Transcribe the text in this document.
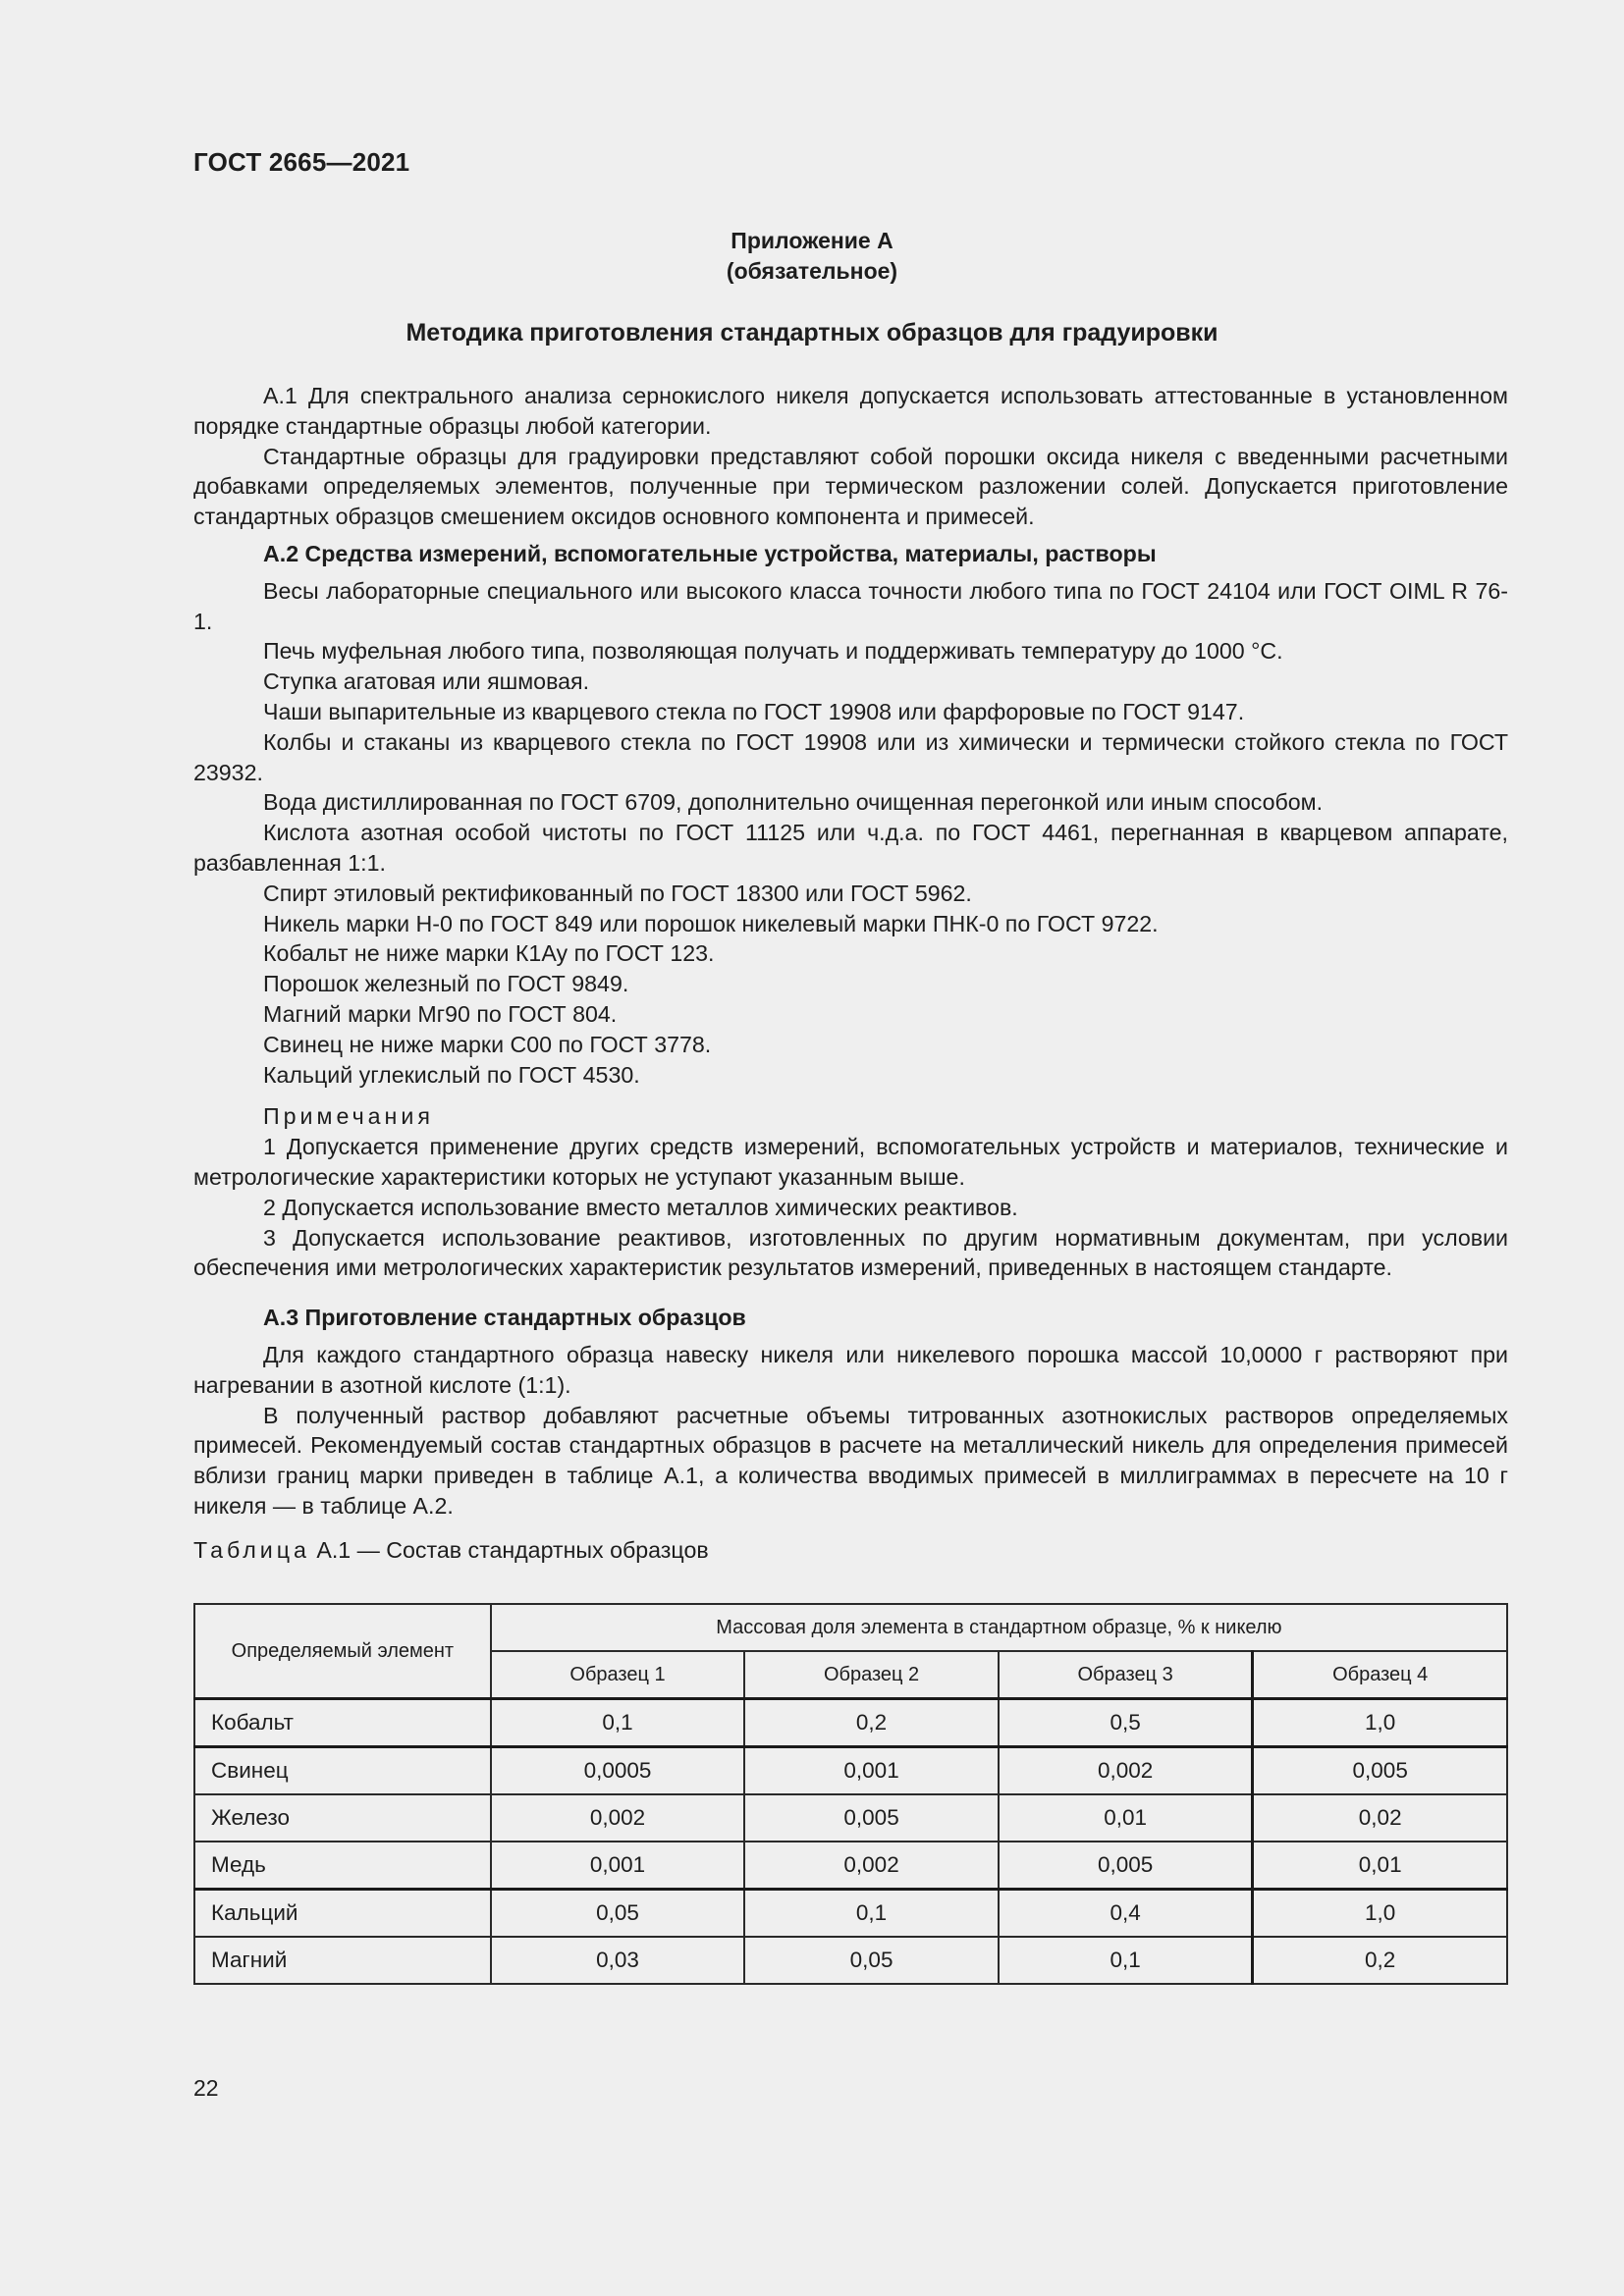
ГОСТ 2665—2021
Приложение А
(обязательное)
Методика приготовления стандартных образцов для градуировки

А.1 Для спектрального анализа сернокислого никеля допускается использовать аттестованные в установленном порядке стандартные образцы любой категории.

Стандартные образцы для градуировки представляют собой порошки оксида никеля с введенными расчетными добавками определяемых элементов, полученные при термическом разложении солей. Допускается приготовление стандартных образцов смешением оксидов основного компонента и примесей.

А.2 Средства измерений, вспомогательные устройства, материалы, растворы

Весы лабораторные специального или высокого класса точности любого типа по ГОСТ 24104 или ГОСТ OIML R 76-1.

Печь муфельная любого типа, позволяющая получать и поддерживать температуру до 1000 °С.

Ступка агатовая или яшмовая.

Чаши выпарительные из кварцевого стекла по ГОСТ 19908 или фарфоровые по ГОСТ 9147.

Колбы и стаканы из кварцевого стекла по ГОСТ 19908 или из химически и термически стойкого стекла по ГОСТ 23932.

Вода дистиллированная по ГОСТ 6709, дополнительно очищенная перегонкой или иным способом.

Кислота азотная особой чистоты по ГОСТ 11125 или ч.д.а. по ГОСТ 4461, перегнанная в кварцевом аппарате, разбавленная 1:1.

Спирт этиловый ректификованный по ГОСТ 18300 или ГОСТ 5962.

Никель марки Н-0 по ГОСТ 849 или порошок никелевый марки ПНК-0 по ГОСТ 9722.

Кобальт не ниже марки К1Ау по ГОСТ 123.

Порошок железный по ГОСТ 9849.

Магний марки Мг90 по ГОСТ 804.

Свинец не ниже марки С00 по ГОСТ 3778.

Кальций углекислый по ГОСТ 4530.

Примечания

1 Допускается применение других средств измерений, вспомогательных устройств и материалов, технические и метрологические характеристики которых не уступают указанным выше.

2 Допускается использование вместо металлов химических реактивов.

3 Допускается использование реактивов, изготовленных по другим нормативным документам, при условии обеспечения ими метрологических характеристик результатов измерений, приведенных в настоящем стандарте.

А.3 Приготовление стандартных образцов

Для каждого стандартного образца навеску никеля или никелевого порошка массой 10,0000 г растворяют при нагревании в азотной кислоте (1:1).

В полученный раствор добавляют расчетные объемы титрованных азотнокислых растворов определяемых примесей. Рекомендуемый состав стандартных образцов в расчете на металлический никель для определения примесей вблизи границ марки приведен в таблице А.1, а количества вводимых примесей в миллиграммах в пересчете на 10 г никеля — в таблице А.2.

Таблица А.1 — Состав стандартных образцов

Определяемый элемент	Массовая доля элемента в стандартном образце, % к никелю			
	Образец 1	Образец 2	Образец 3	Образец 4
Кобальт	0,1	0,2	0,5	1,0
Свинец	0,0005	0,001	0,002	0,005
Железо	0,002	0,005	0,01	0,02
Медь	0,001	0,002	0,005	0,01
Кальций	0,05	0,1	0,4	1,0
Магний	0,03	0,05	0,1	0,2
22
